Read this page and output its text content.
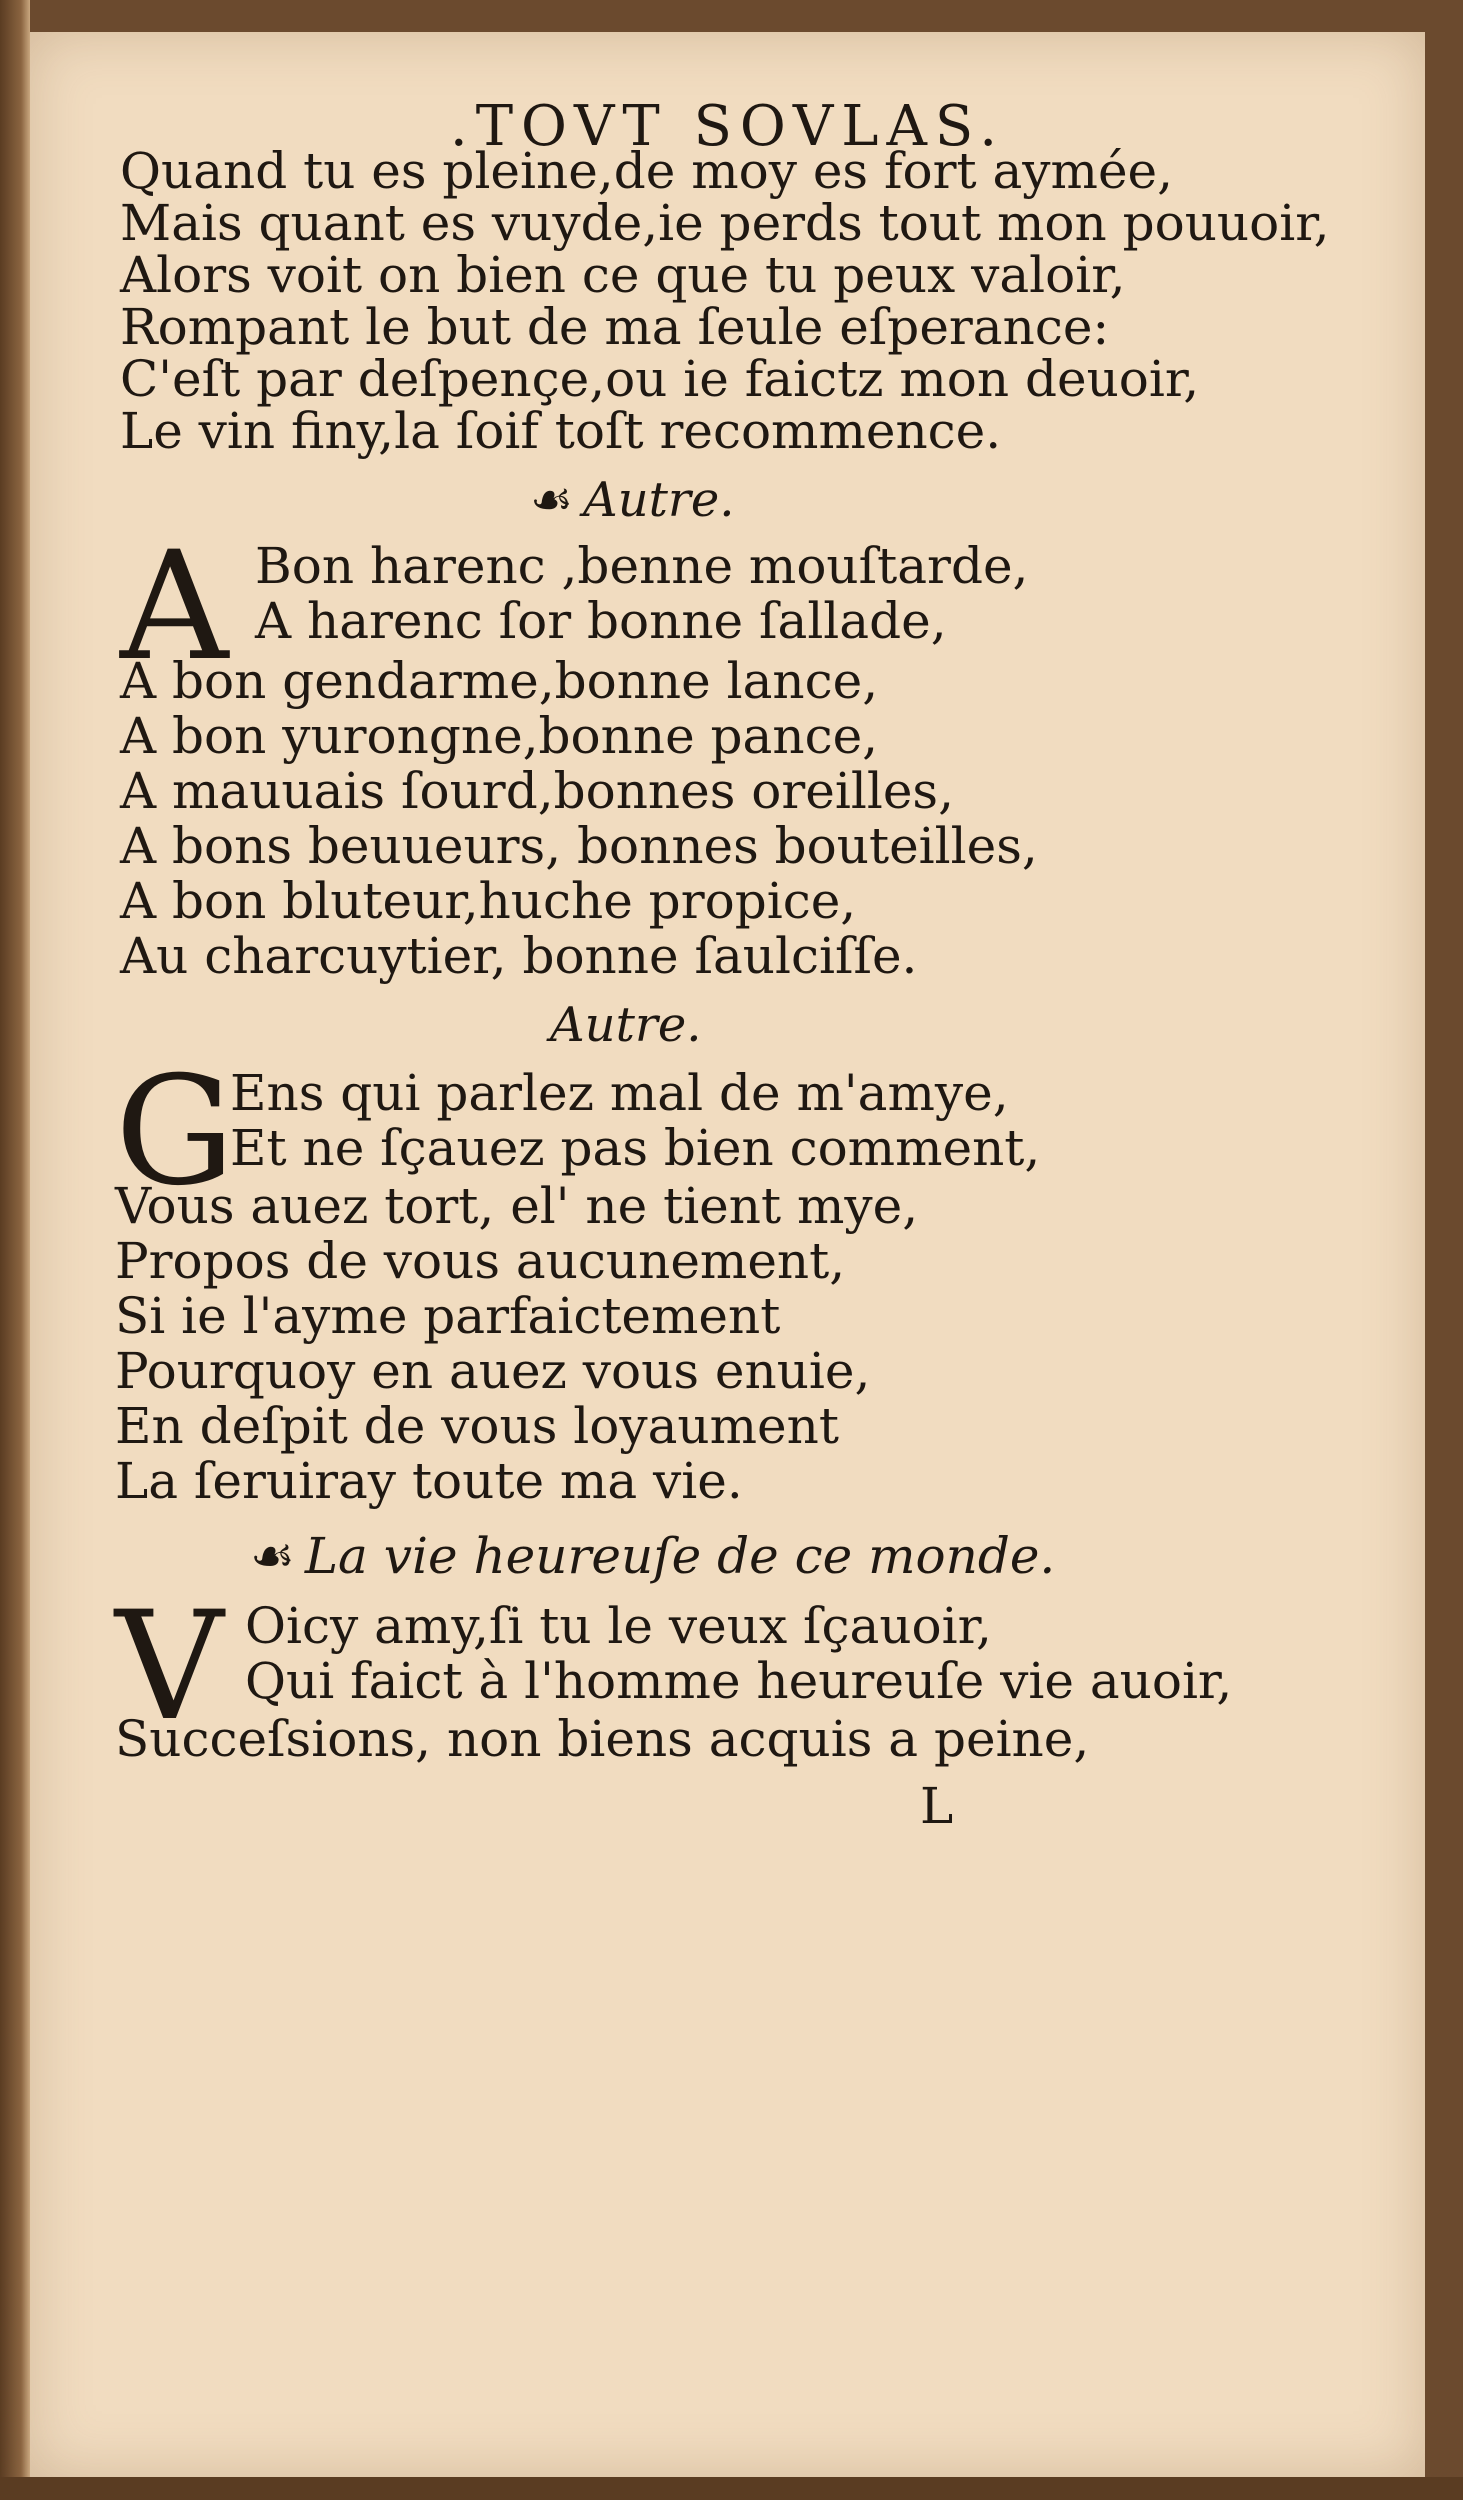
.TOVT SOVLAS.
Quand tu es pleine,de moy es fort aymée,
Mais quant es vuyde,ie perds tout mon pouuoir,
Alors voit on bien ce que tu peux valoir,
Rompant le but de ma ſeule eſperance:
C'eſt par deſpençe,ou ie faictz mon deuoir,
Le vin finy,la ſoif toſt recommence.
☙ Autre.
A Bon harenc ,benne mouſtarde,
A harenc ſor bonne ſallade,
A bon gendarme,bonne lance,
A bon yurongne,bonne pance,
A mauuais ſourd,bonnes oreilles,
A bons beuueurs, bonnes bouteilles,
A bon bluteur,huche propice,
Au charcuytier, bonne ſaulciſſe.
Autre.
G
Ens qui parlez mal de m'amye,
Et ne ſçauez pas bien comment,
Vous auez tort, el' ne tient mye,
Propos de vous aucunement,
Si ie l'ayme parfaictement
Pourquoy en auez vous enuie,
En deſpit de vous loyaument
La ſeruiray toute ma vie.
☙ La vie heureuſe de ce monde.
V Oicy amy,ſi tu le veux ſçauoir,
Qui faict à l'homme heureuſe vie auoir,
Succeſsions, non biens acquis a peine,
L
